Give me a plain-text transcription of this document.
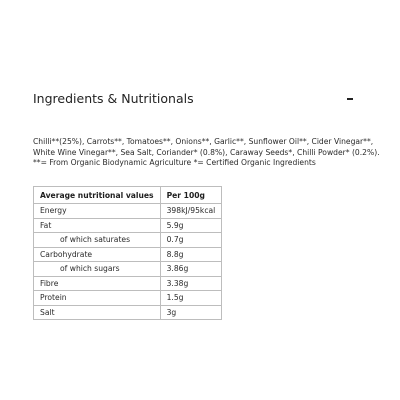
Ingredients & Nutritionals
Chilli**(25%), Carrots**, Tomatoes**, Onions**, Garlic**, Sunflower Oil**, Cider Vinegar**,
White Wine Vinegar**, Sea Salt, Coriander* (0.8%), Caraway Seeds*, Chilli Powder* (0.2%).
**= From Organic Biodynamic Agriculture *= Certified Organic Ingredients
Average nutritional values	Per 100g
Energy	398kJ/95kcal
Fat	5.9g
of which saturates	0.7g
Carbohydrate	8.8g
of which sugars	3.86g
Fibre	3.38g
Protein	1.5g
Salt	3g
